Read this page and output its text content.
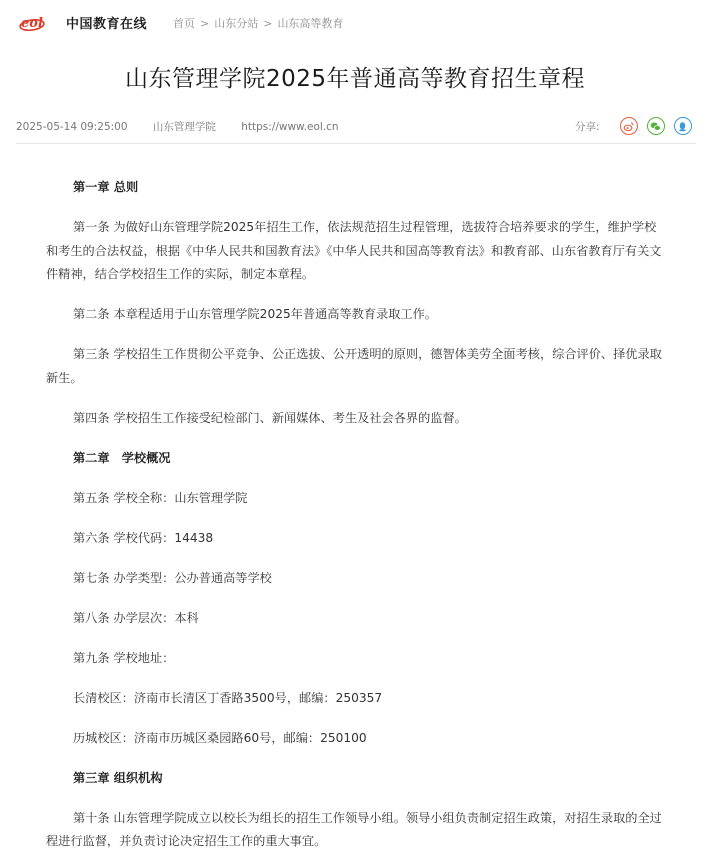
eol 中国教育在线 首页 > 山东分站 > 山东高等教育
山东管理学院2025年普通高等教育招生章程
2025-05-14 09:25:00 山东管理学院 https://www.eol.cn	分享:

第一章 总则

第一条 为做好山东管理学院2025年招生工作，依法规范招生过程管理，选拔符合培养要求的学生，维护学校和考生的合法权益，根据《中华人民共和国教育法》《中华人民共和国高等教育法》和教育部、山东省教育厅有关文件精神，结合学校招生工作的实际，制定本章程。

第二条 本章程适用于山东管理学院2025年普通高等教育录取工作。

第三条 学校招生工作贯彻公平竞争、公正选拔、公开透明的原则，德智体美劳全面考核，综合评价、择优录取新生。

第四条 学校招生工作接受纪检部门、新闻媒体、考生及社会各界的监督。

第二章　学校概况

第五条 学校全称：山东管理学院

第六条 学校代码：14438

第七条 办学类型：公办普通高等学校

第八条 办学层次：本科

第九条 学校地址：

长清校区：济南市长清区丁香路3500号，邮编：250357

历城校区：济南市历城区桑园路60号，邮编：250100

第三章 组织机构

第十条 山东管理学院成立以校长为组长的招生工作领导小组。领导小组负责制定招生政策，对招生录取的全过程进行监督，并负责讨论决定招生工作的重大事宜。
